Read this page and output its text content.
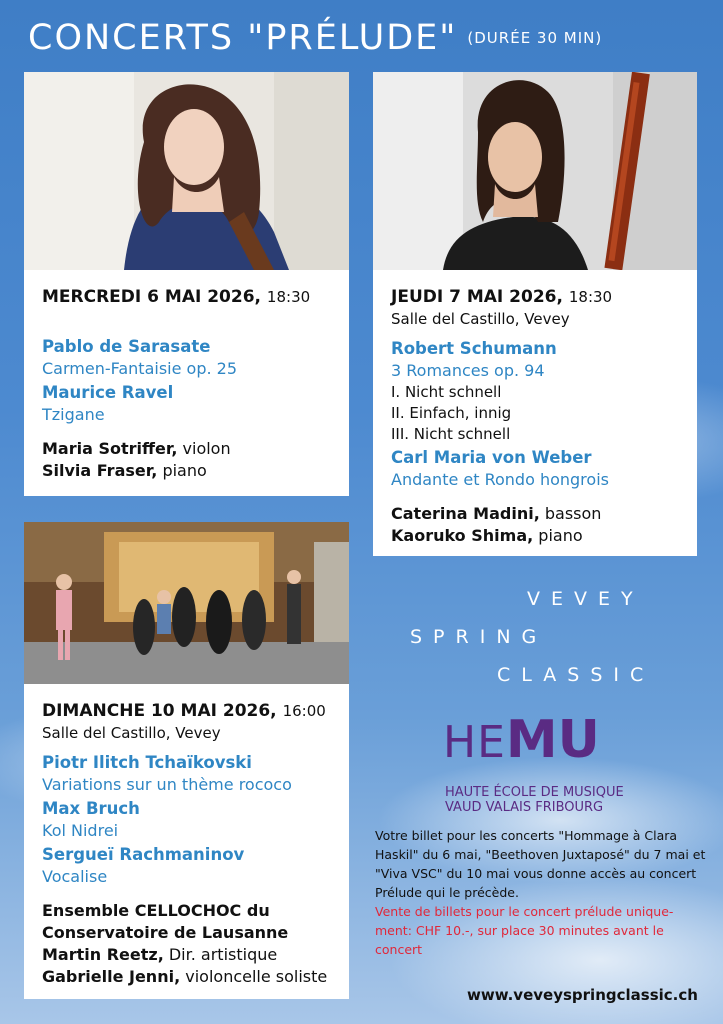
CONCERTS "PRÉLUDE" (DURÉE 30 MIN)
MERCREDI 6 MAI 2026, 18:30
Pablo de Sarasate
Carmen-Fantaisie op. 25
Maurice Ravel
Tzigane
Maria Sotriffer, violon
Silvia Fraser, piano
JEUDI 7 MAI 2026, 18:30
Salle del Castillo, Vevey
Robert Schumann
3 Romances op. 94
I. Nicht schnell
II. Einfach, innig
III. Nicht schnell
Carl Maria von Weber
Andante et Rondo hongrois
Caterina Madini, basson
Kaoruko Shima, piano
DIMANCHE 10 MAI 2026, 16:00
Salle del Castillo, Vevey
Piotr Ilitch Tchaïkovski
Variations sur un thème rococo
Max Bruch
Kol Nidrei
Sergueï Rachmaninov
Vocalise
Ensemble CELLOCHOC du
Conservatoire de Lausanne
Martin Reetz, Dir. artistique
Gabrielle Jenni, violoncelle soliste
VEVEY
SPRING
CLASSIC
HEMU
HAUTE ÉCOLE DE MUSIQUE
VAUD VALAIS FRIBOURG
Votre billet pour les concerts "Hommage à Clara Haskil" du 6 mai, "Beethoven Juxtaposé" du 7 mai et "Viva VSC" du 10 mai vous donne accès au concert Prélude qui le précède.
Vente de billets pour le concert prélude unique-ment: CHF 10.-, sur place 30 minutes avant le concert
www.veveyspringclassic.ch
